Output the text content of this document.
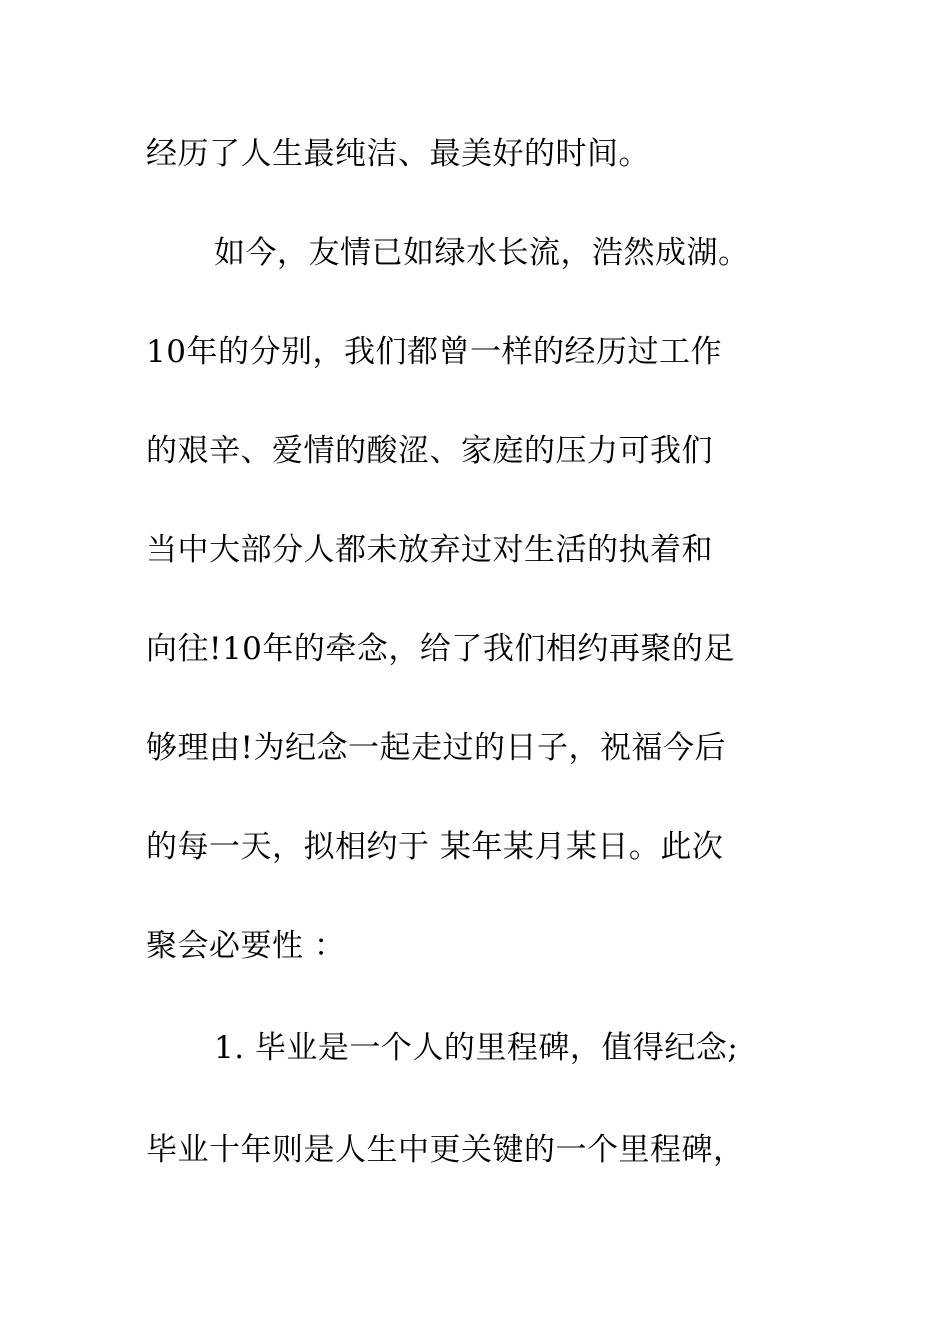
经历了人生最纯洁、最美好的时间。
如今，友情已如绿水长流，浩然成湖。
10年的分别，我们都曾一样的经历过工作
的艰辛、爱情的酸涩、家庭的压力可我们
当中大部分人都未放弃过对生活的执着和
向往!10年的牵念，给了我们相约再聚的足
够理由!为纪念一起走过的日子，祝福今后
的每一天，拟相约于 某年某月某日。此次
聚会必要性 ：
1. 毕业是一个人的里程碑，值得纪念;
毕业十年则是人生中更关键的一个里程碑，
